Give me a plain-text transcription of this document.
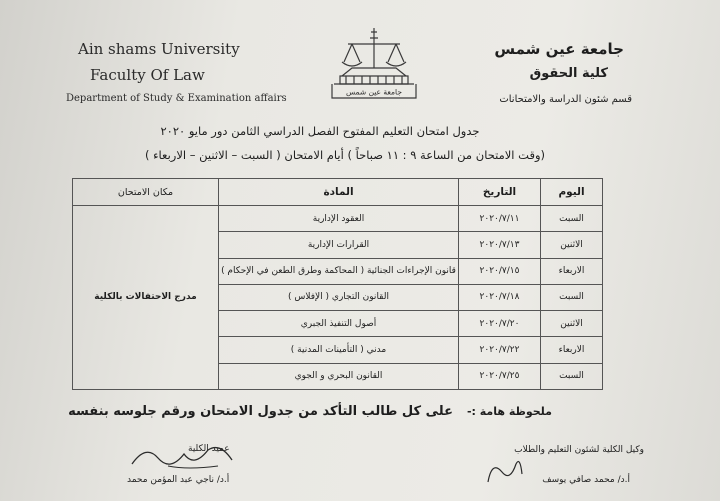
Ain shams University
Faculty Of Law
Department of Study & Examination affairs
جامعة عين شمس
كلية الحقوق
قسم شئون الدراسة والامتحانات
جامعة عين شمس
جدول امتحان التعليم المفتوح الفصل الدراسي الثامن دور مايو ٢٠٢٠
(وقت الامتحان من الساعة ٩ : ١١ صباحاً ) أيام الامتحان ( السبت – الاثنين – الاربعاء )
اليوم	التاريخ	المادة	مكان الامتحان
السبت	٢٠٢٠/٧/١١	العقود الإدارية	مدرج الاحتفالات بالكلية
الاثنين	٢٠٢٠/٧/١٣	القرارات الإدارية	
الاربعاء	٢٠٢٠/٧/١٥	قانون الإجراءات الجنائية ( المحاكمة وطرق الطعن في الإحكام )	
السبت	٢٠٢٠/٧/١٨	القانون التجاري ( الإفلاس )	
الاثنين	٢٠٢٠/٧/٢٠	أصول التنفيذ الجبري	
الاربعاء	٢٠٢٠/٧/٢٢	مدني ( التأمينات المدنية )	
السبت	٢٠٢٠/٧/٢٥	القانون البحري و الجوي	
ملحوظة هامة :-على كل طالب التأكد من جدول الامتحان ورقم جلوسه بنفسه
وكيل الكلية لشئون التعليم والطلاب
أ.د/ محمد صافي يوسف
عميد الكلية
أ.د/ ناجي عبد المؤمن محمد
